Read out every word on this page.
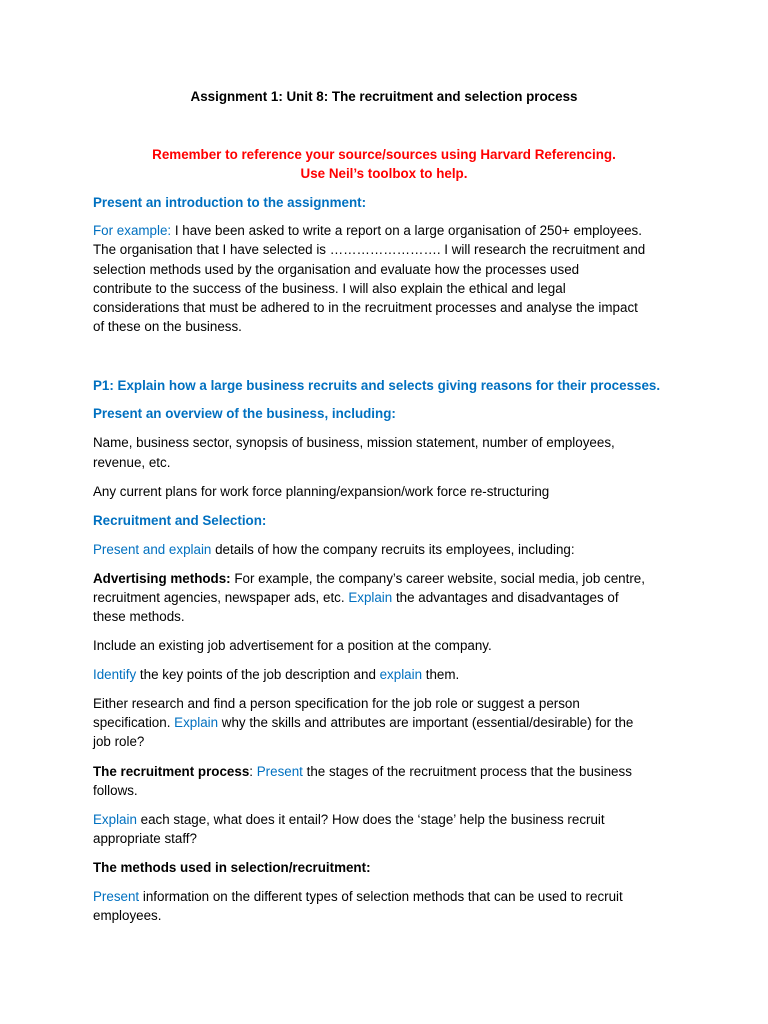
Assignment 1: Unit 8: The recruitment and selection process
Remember to reference your source/sources using Harvard Referencing.
Use Neil’s toolbox to help.
Present an introduction to the assignment:
For example: I have been asked to write a report on a large organisation of 250+ employees.
The organisation that I have selected is ……………………. I will research the recruitment and
selection methods used by the organisation and evaluate how the processes used
contribute to the success of the business. I will also explain the ethical and legal
considerations that must be adhered to in the recruitment processes and analyse the impact
of these on the business.
P1: Explain how a large business recruits and selects giving reasons for their processes.
Present an overview of the business, including:
Name, business sector, synopsis of business, mission statement, number of employees,
revenue, etc.
Any current plans for work force planning/expansion/work force re-structuring
Recruitment and Selection:
Present and explain details of how the company recruits its employees, including:
Advertising methods: For example, the company’s career website, social media, job centre,
recruitment agencies, newspaper ads, etc. Explain the advantages and disadvantages of
these methods.
Include an existing job advertisement for a position at the company.
Identify the key points of the job description and explain them.
Either research and find a person specification for the job role or suggest a person
specification. Explain why the skills and attributes are important (essential/desirable) for the
job role?
The recruitment process: Present the stages of the recruitment process that the business
follows.
Explain each stage, what does it entail? How does the ‘stage’ help the business recruit
appropriate staff?
The methods used in selection/recruitment:
Present information on the different types of selection methods that can be used to recruit
employees.
